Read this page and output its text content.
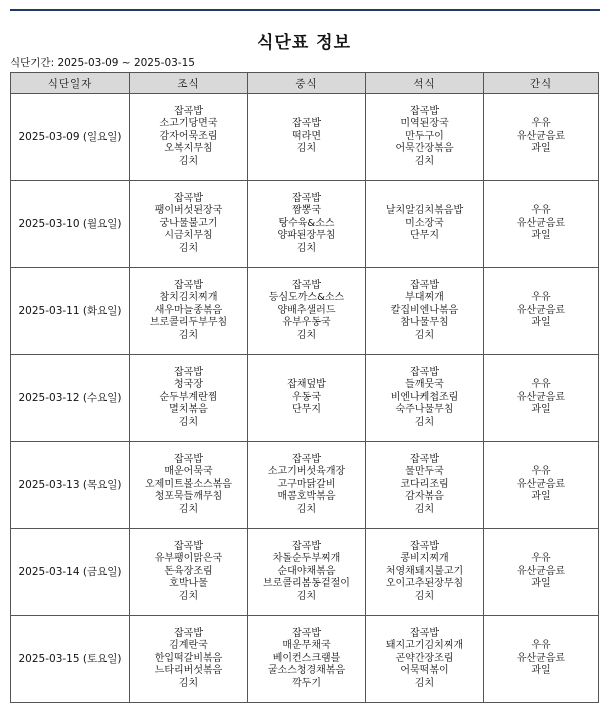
식단표 정보
식단기간: 2025-03-09 ~ 2025-03-15
식단일자	조식	중식	석식	간식
2025-03-09 (일요일)	잡곡밥
소고기당면국
감자어묵조림
오복지무침
김치	잡곡밥
떡라면
김치	잡곡밥
미역된장국
만두구이
어묵간장볶음
김치	우유
유산균음료
과일

2025-03-10 (월요일)	잡곡밥
팽이버섯된장국
궁나물불고기
시금치무침
김치	잡곡밥
짬뽕국
탕수육&소스
양파된장무침
김치	날치알김치볶음밥
미소장국
단무지	우유
유산균음료
과일

2025-03-11 (화요일)	잡곡밥
참치김치찌개
새우마늘종볶음
브로콜리두부무침
김치	잡곡밥
등심도까스&소스
양배추샐러드
유부우동국
김치	잡곡밥
부대찌개
칼집비엔나볶음
참나물무침
김치	우유
유산균음료
과일

2025-03-12 (수요일)	잡곡밥
청국장
순두부계란찜
멸치볶음
김치	잡채덮밥
우동국
단무지	잡곡밥
들깨뭇국
비엔나케첩조림
숙주나물무침
김치	우유
유산균음료
과일

2025-03-13 (목요일)	잡곡밥
매운어묵국
오제미트볼소스볶음
청포묵들깨무침
김치	잡곡밥
소고기버섯육개장
고구마닭갈비
매콤호박볶음
김치	잡곡밥
물만두국
코다리조림
감자볶음
김치	우유
유산균음료
과일

2025-03-14 (금요일)	잡곡밥
유부팽이맑은국
돈육장조림
호박나물
김치	잡곡밥
차돌순두부찌개
순대야채볶음
브로콜리봄동겉절이
김치	잡곡밥
콩비지찌개
처영채돼지불고기
오이고추된장무침
김치	우유
유산균음료
과일

2025-03-15 (토요일)	잡곡밥
김계란국
한입떡갈비볶음
느타리버섯볶음
김치	잡곡밥
매운무채국
베이컨스크램블
굴소스청경채볶음
깍두기	잡곡밥
돼지고기김치찌개
곤약간장조림
어묵떡볶이
김치	우유
유산균음료
과일
